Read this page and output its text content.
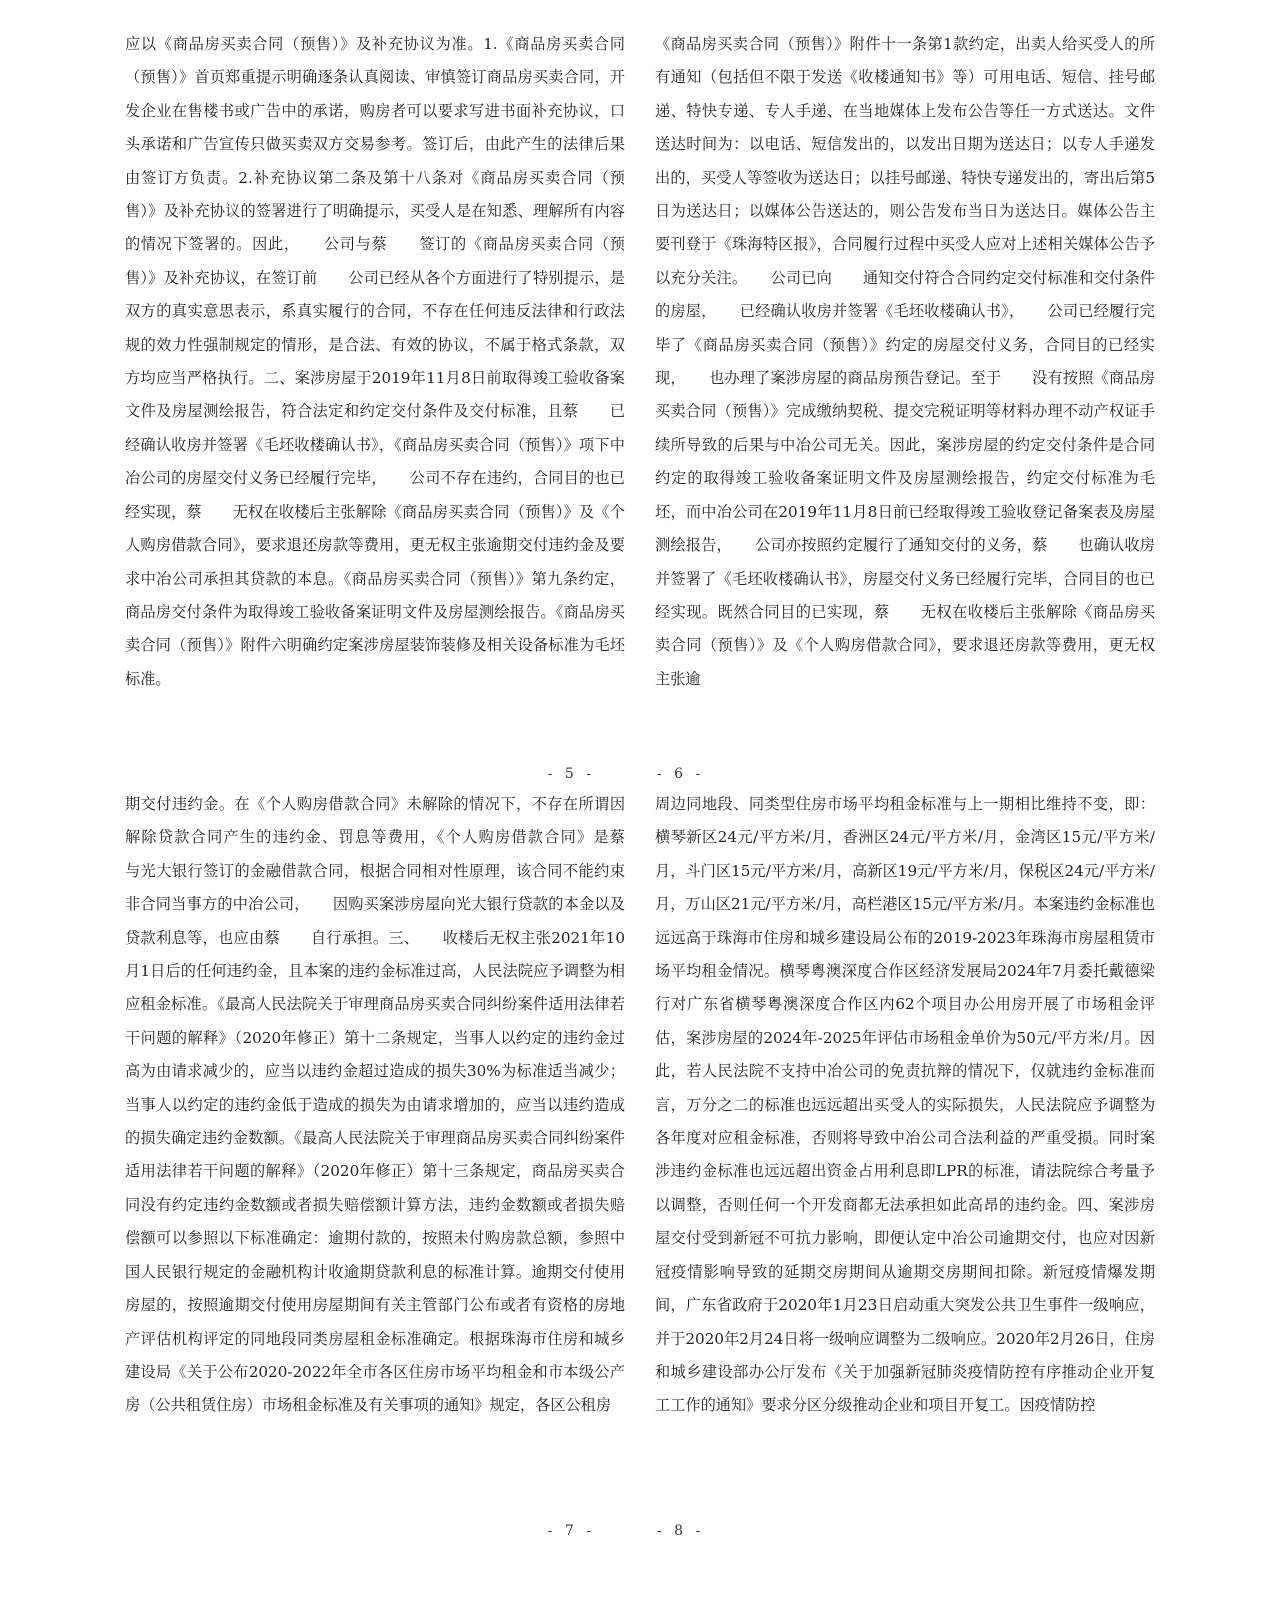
应以《商品房买卖合同（预售）》及补充协议为准。1.《商品房买卖合同（预售）》首页郑重提示明确逐条认真阅读、审慎签订商品房买卖合同，开发企业在售楼书或广告中的承诺，购房者可以要求写进书面补充协议，口头承诺和广告宣传只做买卖双方交易参考。签订后，由此产生的法律后果由签订方负责。2.补充协议第二条及第十八条对《商品房买卖合同（预售）》及补充协议的签署进行了明确提示，买受人是在知悉、理解所有内容的情况下签署的。因此，　　公司与蔡　　签订的《商品房买卖合同（预售）》及补充协议，在签订前　　公司已经从各个方面进行了特别提示，是双方的真实意思表示，系真实履行的合同，不存在任何违反法律和行政法规的效力性强制规定的情形，是合法、有效的协议，不属于格式条款，双方均应当严格执行。二、案涉房屋于2019年11月8日前取得竣工验收备案文件及房屋测绘报告，符合法定和约定交付条件及交付标准，且蔡　　已经确认收房并签署《毛坯收楼确认书》，《商品房买卖合同（预售）》项下中冶公司的房屋交付义务已经履行完毕，　　公司不存在违约，合同目的也已经实现，蔡　　无权在收楼后主张解除《商品房买卖合同（预售）》及《个人购房借款合同》，要求退还房款等费用，更无权主张逾期交付违约金及要求中冶公司承担其贷款的本息。《商品房买卖合同（预售）》第九条约定，商品房交付条件为取得竣工验收备案证明文件及房屋测绘报告。《商品房买卖合同（预售）》附件六明确约定案涉房屋装饰装修及相关设备标准为毛坯标准。

- 5 -

《商品房买卖合同（预售）》附件十一条第1款约定，出卖人给买受人的所有通知（包括但不限于发送《收楼通知书》等）可用电话、短信、挂号邮递、特快专递、专人手递、在当地媒体上发布公告等任一方式送达。文件送达时间为：以电话、短信发出的，以发出日期为送达日；以专人手递发出的，买受人等签收为送达日；以挂号邮递、特快专递发出的，寄出后第5日为送达日；以媒体公告送达的，则公告发布当日为送达日。媒体公告主要刊登于《珠海特区报》，合同履行过程中买受人应对上述相关媒体公告予以充分关注。　　公司已向　　通知交付符合合同约定交付标准和交付条件的房屋，　　已经确认收房并签署《毛坯收楼确认书》，　　公司已经履行完毕了《商品房买卖合同（预售）》约定的房屋交付义务，合同目的已经实现，　　也办理了案涉房屋的商品房预告登记。至于　　没有按照《商品房买卖合同（预售）》完成缴纳契税、提交完税证明等材料办理不动产权证手续所导致的后果与中冶公司无关。因此，案涉房屋的约定交付条件是合同约定的取得竣工验收备案证明文件及房屋测绘报告，约定交付标准为毛坯，而中冶公司在2019年11月8日前已经取得竣工验收登记备案表及房屋测绘报告，　　公司亦按照约定履行了通知交付的义务，蔡　　也确认收房并签署了《毛坯收楼确认书》，房屋交付义务已经履行完毕，合同目的也已经实现。既然合同目的已实现，蔡　　无权在收楼后主张解除《商品房买卖合同（预售）》及《个人购房借款合同》，要求退还房款等费用，更无权主张逾

- 6 -

期交付违约金。在《个人购房借款合同》未解除的情况下，不存在所谓因解除贷款合同产生的违约金、罚息等费用，《个人购房借款合同》是蔡　　与光大银行签订的金融借款合同，根据合同相对性原理，该合同不能约束非合同当事方的中冶公司，　　因购买案涉房屋向光大银行贷款的本金以及贷款利息等，也应由蔡　　自行承担。三、　　收楼后无权主张2021年10月1日后的任何违约金，且本案的违约金标准过高，人民法院应予调整为相应租金标准。《最高人民法院关于审理商品房买卖合同纠纷案件适用法律若干问题的解释》（2020年修正）第十二条规定，当事人以约定的违约金过高为由请求减少的，应当以违约金超过造成的损失30%为标准适当减少；当事人以约定的违约金低于造成的损失为由请求增加的，应当以违约造成的损失确定违约金数额。《最高人民法院关于审理商品房买卖合同纠纷案件适用法律若干问题的解释》（2020年修正）第十三条规定，商品房买卖合同没有约定违约金数额或者损失赔偿额计算方法，违约金数额或者损失赔偿额可以参照以下标准确定：逾期付款的，按照未付购房款总额，参照中国人民银行规定的金融机构计收逾期贷款利息的标准计算。逾期交付使用房屋的，按照逾期交付使用房屋期间有关主管部门公布或者有资格的房地产评估机构评定的同地段同类房屋租金标准确定。根据珠海市住房和城乡建设局《关于公布2020-2022年全市各区住房市场平均租金和市本级公产房（公共租赁住房）市场租金标准及有关事项的通知》规定，各区公租房

- 7 -

周边同地段、同类型住房市场平均租金标准与上一期相比维持不变，即：横琴新区24元/平方米/月，香洲区24元/平方米/月，金湾区15元/平方米/月，斗门区15元/平方米/月，高新区19元/平方米/月，保税区24元/平方米/月，万山区21元/平方米/月，高栏港区15元/平方米/月。本案违约金标准也远远高于珠海市住房和城乡建设局公布的2019-2023年珠海市房屋租赁市场平均租金情况。横琴粤澳深度合作区经济发展局2024年7月委托戴德梁行对广东省横琴粤澳深度合作区内62个项目办公用房开展了市场租金评估，案涉房屋的2024年-2025年评估市场租金单价为50元/平方米/月。因此，若人民法院不支持中冶公司的免责抗辩的情况下，仅就违约金标准而言，万分之二的标准也远远超出买受人的实际损失，人民法院应予调整为各年度对应租金标准，否则将导致中冶公司合法利益的严重受损。同时案涉违约金标准也远远超出资金占用利息即LPR的标准，请法院综合考量予以调整，否则任何一个开发商都无法承担如此高昂的违约金。四、案涉房屋交付受到新冠不可抗力影响，即便认定中冶公司逾期交付，也应对因新冠疫情影响导致的延期交房期间从逾期交房期间扣除。新冠疫情爆发期间，广东省政府于2020年1月23日启动重大突发公共卫生事件一级响应，并于2020年2月24日将一级响应调整为二级响应。2020年2月26日，住房和城乡建设部办公厅发布《关于加强新冠肺炎疫情防控有序推动企业开复工工作的通知》要求分区分级推动企业和项目开复工。因疫情防控

- 8 -
